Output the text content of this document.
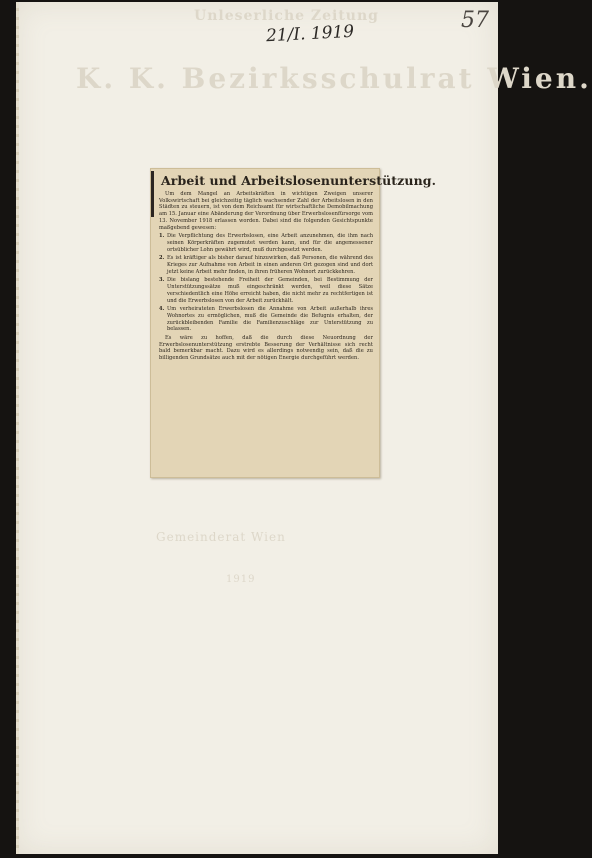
Unleserliche Zeitung
K. K. Bezirksschulrat Wien.
Gemeinderat Wien
1919
57
21/I. 1919
Arbeit und Arbeitslosenunterstützung.

Um dem Mangel an Arbeitskräften in wichtigen Zweigen unserer Volkswirtschaft bei gleichzeitig täglich wachsender Zahl der Arbeitslosen in den Städten zu steuern, ist von dem Reichsamt für wirtschaftliche Demobilmachung am 15. Januar eine Abänderung der Verordnung über Erwerbslosenfürsorge vom 13. November 1918 erlassen worden. Dabei sind die folgenden Gesichtspunkte maßgebend gewesen:

1. Die Verpflichtung des Erwerbslosen, eine Arbeit anzunehmen, die ihm nach seinen Körperkräften zugemutet werden kann, und für die angemessener ortsüblicher Lohn gewährt wird, muß durchgesetzt werden.
2. Es ist kräftiger als bisher darauf hinzuwirken, daß Personen, die während des Krieges zur Aufnahme von Arbeit in einen anderen Ort gezogen sind und dort jetzt keine Arbeit mehr finden, in ihren früheren Wohnort zurückkehren.
3. Die bislang bestehende Freiheit der Gemeinden, bei Bestimmung der Unterstützungssätze muß eingeschränkt werden, weil diese Sätze verschiedentlich eine Höhe erreicht haben, die nicht mehr zu rechtfertigen ist und die Erwerbslosen von der Arbeit zurückhält.
4. Um verheirateten Erwerbslosen die Annahme von Arbeit außerhalb ihres Wohnortes zu ermöglichen, muß die Gemeinde die Befugnis erhalten, der zurückbleibenden Familie die Familienzuschläge zur Unterstützung zu belassen.

Es wäre zu hoffen, daß die durch diese Neuordnung der Erwerbslosenunterstützung erstrebte Besserung der Verhältnisse sich recht bald bemerkbar macht. Dazu wird es allerdings notwendig sein, daß die zu billigenden Grundsätze auch mit der nötigen Energie durchgeführt werden.
